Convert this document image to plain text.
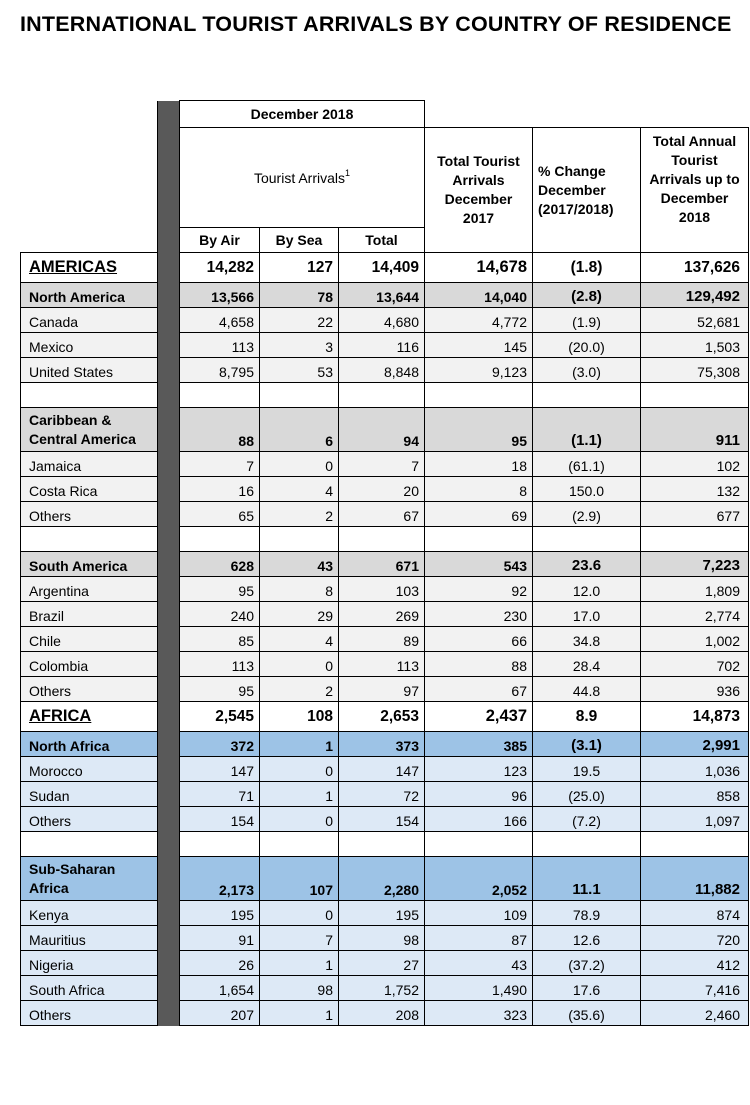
INTERNATIONAL TOURIST ARRIVALS BY COUNTRY OF RESIDENCE
		December 2018					
		Tourist Arrivals$^1$			Total Tourist Arrivals December 2017	% Change December (2017/2018)	Total Annual Tourist Arrivals up to December 2018
		By Air	By Sea	Total			
AMERICAS		14,282	127	14,409	14,678	(1.8)	137,626
North America		13,566	78	13,644	14,040	(2.8)	129,492
Canada		4,658	22	4,680	4,772	(1.9)	52,681
Mexico		113	3	116	145	(20.0)	1,503
United States		8,795	53	8,848	9,123	(3.0)	75,308

Caribbean & Central America		88	6	94	95	(1.1)	911
Jamaica		7	0	7	18	(61.1)	102
Costa Rica		16	4	20	8	150.0	132
Others		65	2	67	69	(2.9)	677

South America		628	43	671	543	23.6	7,223
Argentina		95	8	103	92	12.0	1,809
Brazil		240	29	269	230	17.0	2,774
Chile		85	4	89	66	34.8	1,002
Colombia		113	0	113	88	28.4	702
Others		95	2	97	67	44.8	936
AFRICA		2,545	108	2,653	2,437	8.9	14,873
North Africa		372	1	373	385	(3.1)	2,991
Morocco		147	0	147	123	19.5	1,036
Sudan		71	1	72	96	(25.0)	858
Others		154	0	154	166	(7.2)	1,097

Sub-Saharan Africa		2,173	107	2,280	2,052	11.1	11,882
Kenya		195	0	195	109	78.9	874
Mauritius		91	7	98	87	12.6	720
Nigeria		26	1	27	43	(37.2)	412
South Africa		1,654	98	1,752	1,490	17.6	7,416
Others		207	1	208	323	(35.6)	2,460
